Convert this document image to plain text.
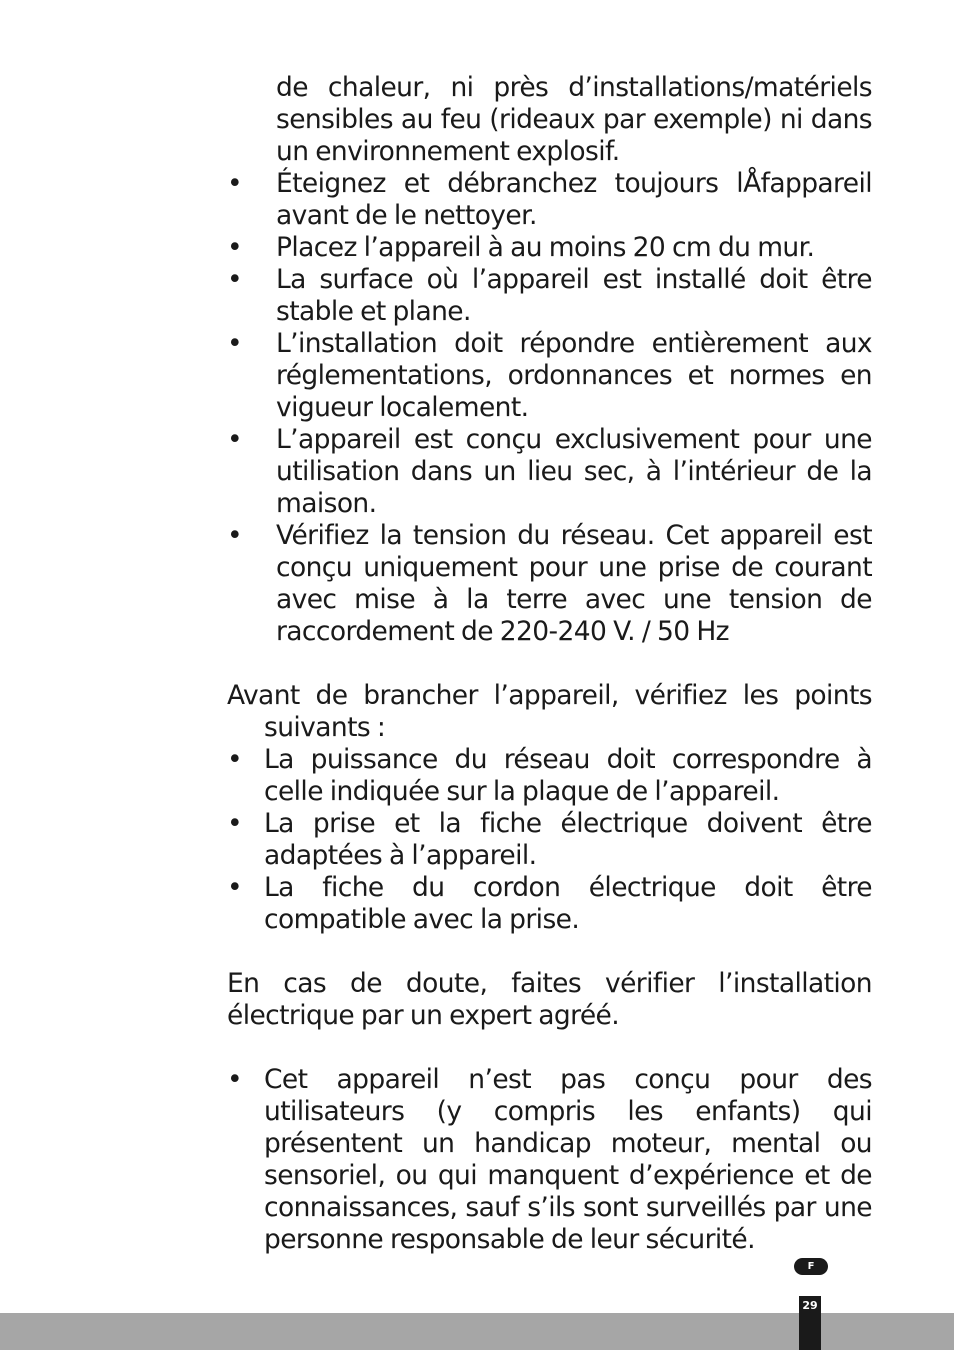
de chaleur, ni près d’installations/matériels sensibles au feu (rideaux par exemple) ni dans un environnement explosif.

• Éteignez et débranchez toujours lÅfappareil avant de le nettoyer.
• Placez l’appareil à au moins 20 cm du mur.
• La surface où l’appareil est installé doit être stable et plane.
• L’installation doit répondre entièrement aux réglementations, ordonnances et normes en vigueur localement.
• L’appareil est conçu exclusivement pour une utilisation dans un lieu sec, à l’intérieur de la maison.
• Vérifiez la tension du réseau. Cet appareil est conçu uniquement pour une prise de courant avec mise à la terre avec une tension de raccordement de 220-240 V. / 50 Hz

Avant de brancher l’appareil, vérifiez les points suivants :

• La puissance du réseau doit correspondre à celle indiquée sur la plaque de l’appareil.
• La prise et la fiche électrique doivent être adaptées à l’appareil.
• La fiche du cordon électrique doit être compatible avec la prise.

En cas de doute, faites vérifier l’installation électrique par un expert agréé.

• Cet appareil n’est pas conçu pour des utilisateurs (y compris les enfants) qui présentent un handicap moteur, mental ou sensoriel, ou qui manquent d’expérience et de connaissances, sauf s’ils sont surveillés par une personne responsable de leur sécurité.
F
29
